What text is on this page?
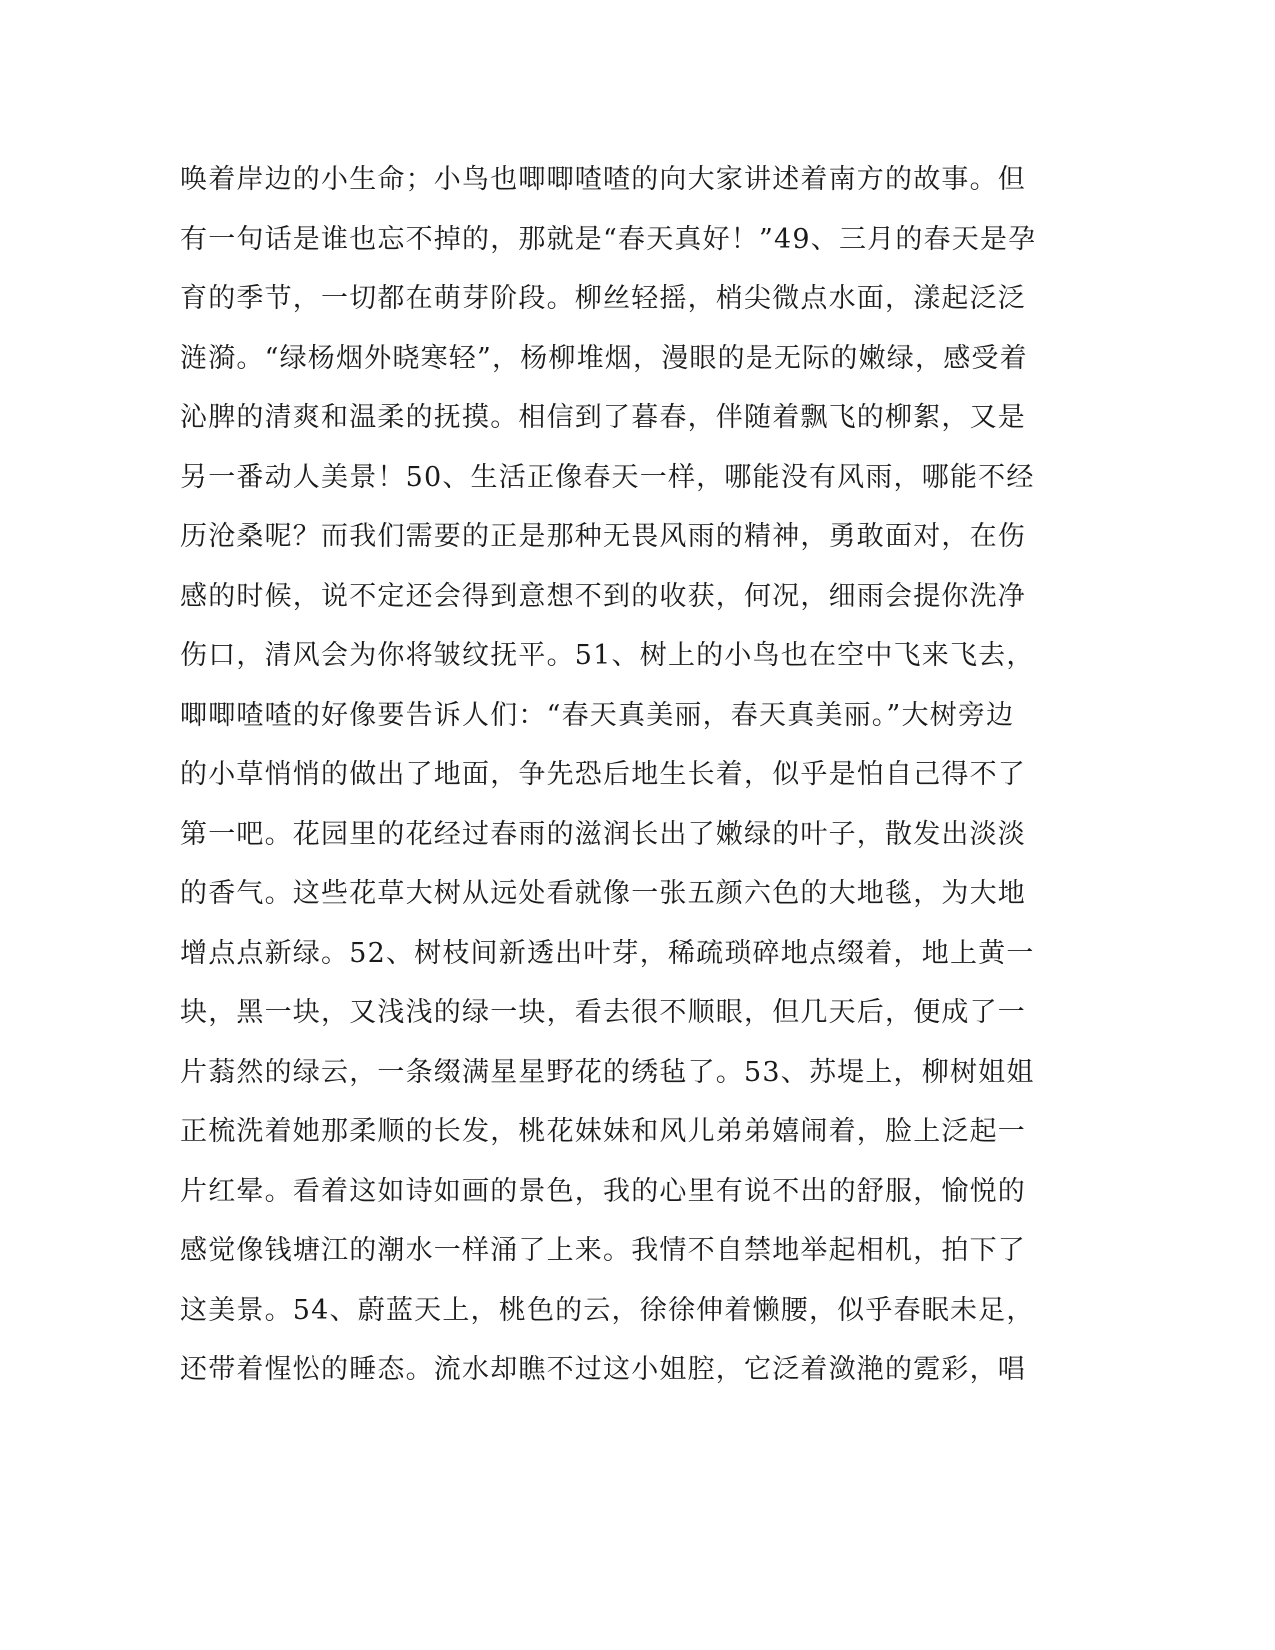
唤着岸边的小生命；小鸟也唧唧喳喳的向大家讲述着南方的故事。但
有一句话是谁也忘不掉的，那就是“春天真好！”49、三月的春天是孕
育的季节，一切都在萌芽阶段。柳丝轻摇，梢尖微点水面，漾起泛泛
涟漪。“绿杨烟外晓寒轻”，杨柳堆烟，漫眼的是无际的嫩绿，感受着
沁脾的清爽和温柔的抚摸。相信到了暮春，伴随着飘飞的柳絮，又是
另一番动人美景！50、生活正像春天一样，哪能没有风雨，哪能不经
历沧桑呢？而我们需要的正是那种无畏风雨的精神，勇敢面对，在伤
感的时候，说不定还会得到意想不到的收获，何况，细雨会提你洗净
伤口，清风会为你将皱纹抚平。51、树上的小鸟也在空中飞来飞去，
唧唧喳喳的好像要告诉人们：“春天真美丽，春天真美丽。”大树旁边
的小草悄悄的做出了地面，争先恐后地生长着，似乎是怕自己得不了
第一吧。花园里的花经过春雨的滋润长出了嫩绿的叶子，散发出淡淡
的香气。这些花草大树从远处看就像一张五颜六色的大地毯，为大地
增点点新绿。52、树枝间新透出叶芽，稀疏琐碎地点缀着，地上黄一
块，黑一块，又浅浅的绿一块，看去很不顺眼，但几天后，便成了一
片蓊然的绿云，一条缀满星星野花的绣毡了。53、苏堤上，柳树姐姐
正梳洗着她那柔顺的长发，桃花妹妹和风儿弟弟嬉闹着，脸上泛起一
片红晕。看着这如诗如画的景色，我的心里有说不出的舒服，愉悦的
感觉像钱塘江的潮水一样涌了上来。我情不自禁地举起相机，拍下了
这美景。54、蔚蓝天上，桃色的云，徐徐伸着懒腰，似乎春眠未足，
还带着惺忪的睡态。流水却瞧不过这小姐腔，它泛着潋滟的霓彩，唱
